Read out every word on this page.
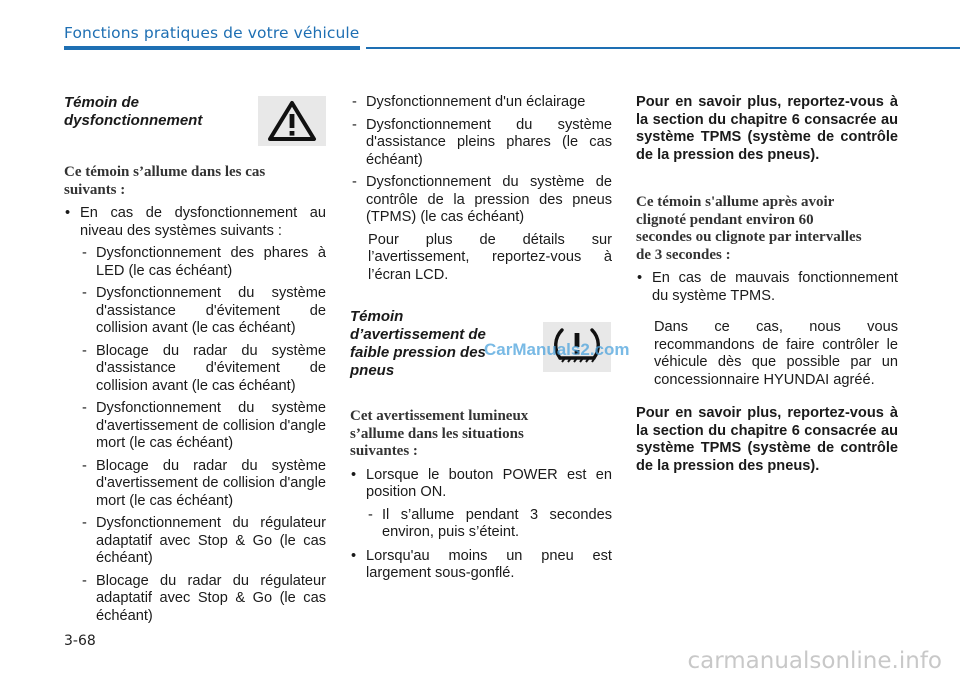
Fonctions pratiques de votre véhicule
Témoin de dysfonctionnement
Ce témoin s’allume dans les cas suivants :
• En cas de dysfonctionnement au niveau des systèmes suivants :
- Dysfonctionnement des phares à LED (le cas échéant)
- Dysfonctionnement du système d'assistance d'évitement de collision avant (le cas échéant)
- Blocage du radar du système d'assistance d'évitement de collision avant (le cas échéant)
- Dysfonctionnement du système d'avertissement de collision d'angle mort (le cas échéant)
- Blocage du radar du système d'avertissement de collision d'angle mort (le cas échéant)
- Dysfonctionnement du régulateur adaptatif avec Stop & Go (le cas échéant)
- Blocage du radar du régulateur adaptatif avec Stop & Go (le cas échéant)
- Dysfonctionnement d'un éclairage
- Dysfonctionnement du système d'assistance pleins phares (le cas échéant)
- Dysfonctionnement du système de contrôle de la pression des pneus (TPMS) (le cas échéant)
Pour plus de détails sur l’avertissement, reportez-vous à l’écran LCD.
Témoin d’avertissement de faible pression des pneus
Cet avertissement lumineux s’allume dans les situations suivantes :
• Lorsque le bouton POWER est en position ON.
- Il s’allume pendant 3 secondes environ, puis s’éteint.
• Lorsqu'au moins un pneu est largement sous-gonflé.
Pour en savoir plus, reportez-vous à la section du chapitre 6 consacrée au système TPMS (système de contrôle de la pression des pneus).
Ce témoin s'allume après avoir clignoté pendant environ 60 secondes ou clignote par intervalles de 3 secondes :
• En cas de mauvais fonctionnement du système TPMS.
Dans ce cas, nous vous recommandons de faire contrôler le véhicule dès que possible par un concessionnaire HYUNDAI agréé.
Pour en savoir plus, reportez-vous à la section du chapitre 6 consacrée au système TPMS (système de contrôle de la pression des pneus).
CarManuals2.com
3-68
carmanualsonline.info
